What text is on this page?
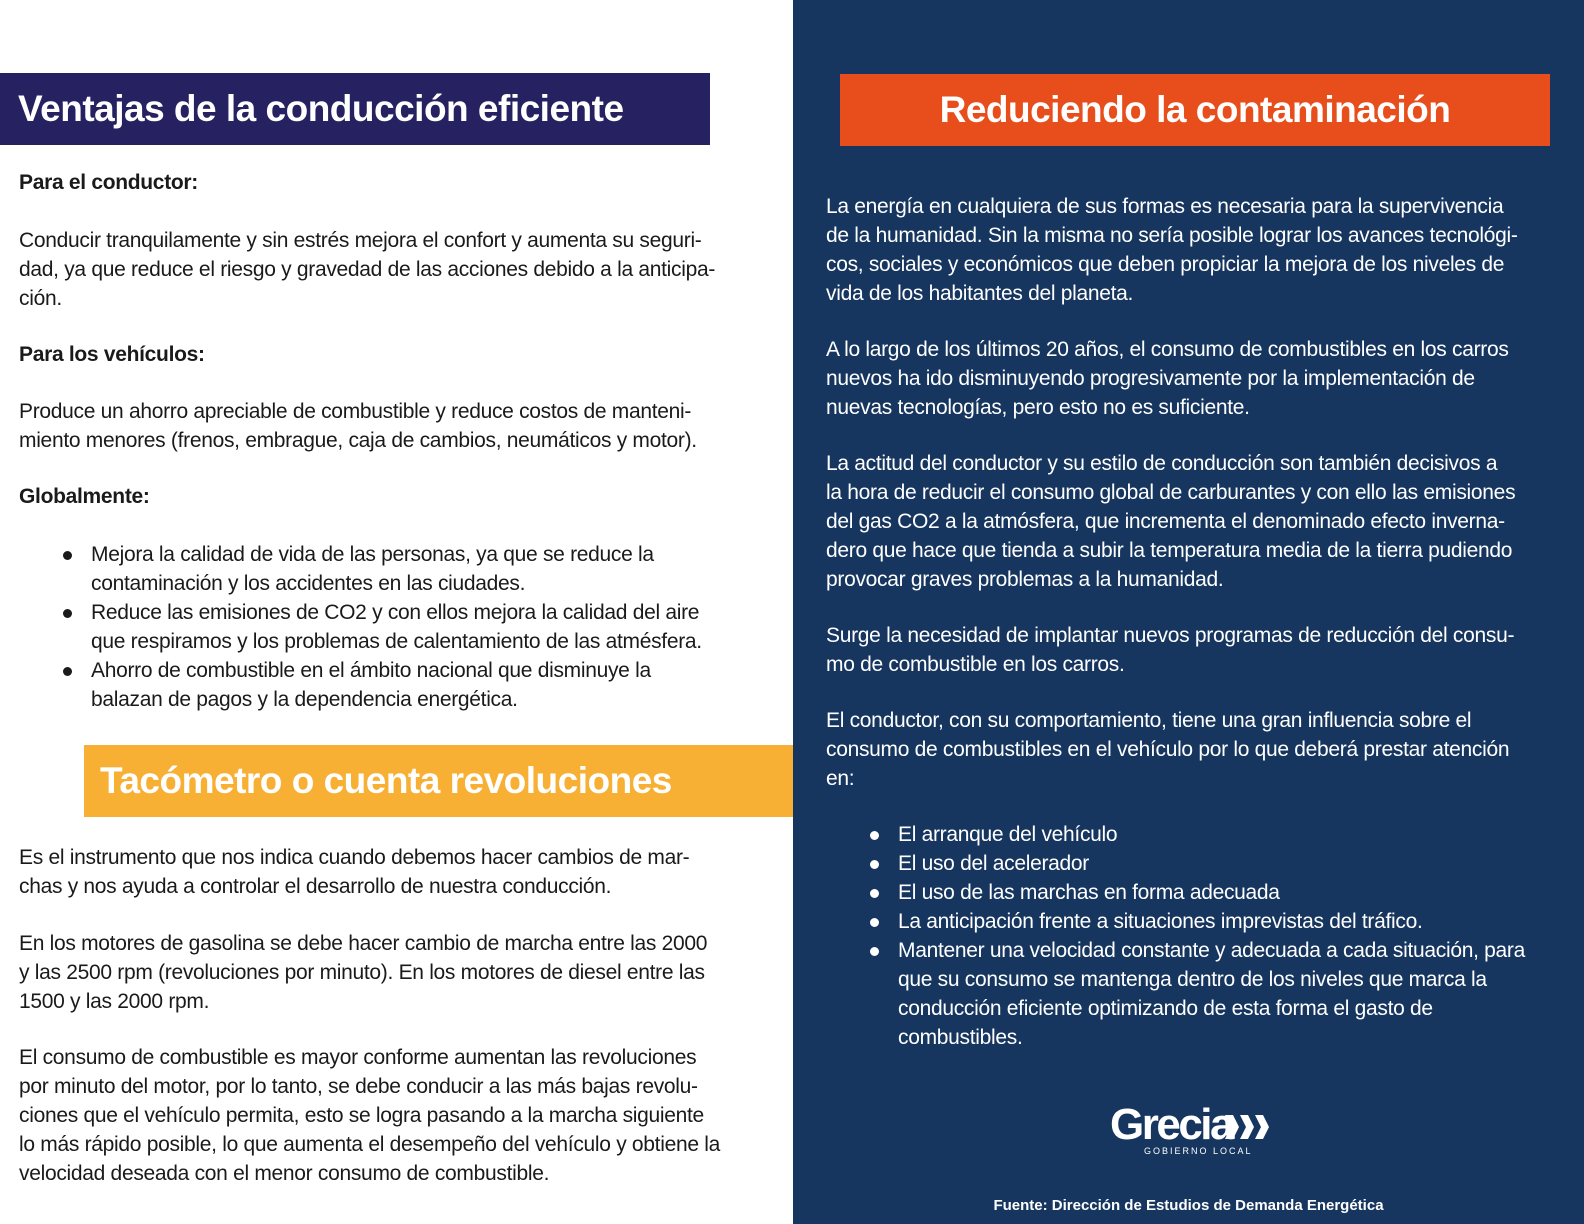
Ventajas de la conducción eficiente
Para el conductor:

Conducir tranquilamente y sin estrés mejora el confort y aumenta su seguri-

dad, ya que reduce el riesgo y gravedad de las acciones debido a la anticipa-

ción.

Para los vehículos:

Produce un ahorro apreciable de combustible y reduce costos de manteni-

miento menores (frenos, embrague, caja de cambios, neumáticos y motor).

Globalmente:

Mejora la calidad de vida de las personas, ya que se reduce la

contaminación y los accidentes en las ciudades.

Reduce las emisiones de CO2 y con ellos mejora la calidad del aire

que respiramos y los problemas de calentamiento de las atmésfera.

Ahorro de combustible en el ámbito nacional que disminuye la

balazan de pagos y la dependencia energética.

Tacómetro o cuenta revoluciones

Es el instrumento que nos indica cuando debemos hacer cambios de mar-

chas y nos ayuda a controlar el desarrollo de nuestra conducción.

En los motores de gasolina se debe hacer cambio de marcha entre las 2000

y las 2500 rpm (revoluciones por minuto). En los motores de diesel entre las

1500 y las 2000 rpm.

El consumo de combustible es mayor conforme aumentan las revoluciones

por minuto del motor, por lo tanto, se debe conducir a las más bajas revolu-

ciones que el vehículo permita, esto se logra pasando a la marcha siguiente

lo más rápido posible, lo que aumenta el desempeño del vehículo y obtiene la

velocidad deseada con el menor consumo de combustible.

Reduciendo la contaminación

La energía en cualquiera de sus formas es necesaria para la supervivencia

de la humanidad. Sin la misma no sería posible lograr los avances tecnológi-

cos, sociales y económicos que deben propiciar la mejora de los niveles de

vida de los habitantes del planeta.

A lo largo de los últimos 20 años, el consumo de combustibles en los carros

nuevos ha ido disminuyendo progresivamente por la implementación de

nuevas tecnologías, pero esto no es suficiente.

La actitud del conductor y su estilo de conducción son también decisivos a

la hora de reducir el consumo global de carburantes y con ello las emisiones

del gas CO2 a la atmósfera, que incrementa el denominado efecto inverna-

dero que hace que tienda a subir la temperatura media de la tierra pudiendo

provocar graves problemas a la humanidad.

Surge la necesidad de implantar nuevos programas de reducción del consu-

mo de combustible en los carros.

El conductor, con su comportamiento, tiene una gran influencia sobre el

consumo de combustibles en el vehículo por lo que deberá prestar atención

en:

El arranque del vehículo

El uso del acelerador

El uso de las marchas en forma adecuada

La anticipación frente a situaciones imprevistas del tráfico.

Mantener una velocidad constante y adecuada a cada situación, para

que su consumo se mantenga dentro de los niveles que marca la

conducción eficiente optimizando de esta forma el gasto de

combustibles.

Grecia
GOBIERNO LOCAL
Fuente: Dirección de Estudios de Demanda Energética
